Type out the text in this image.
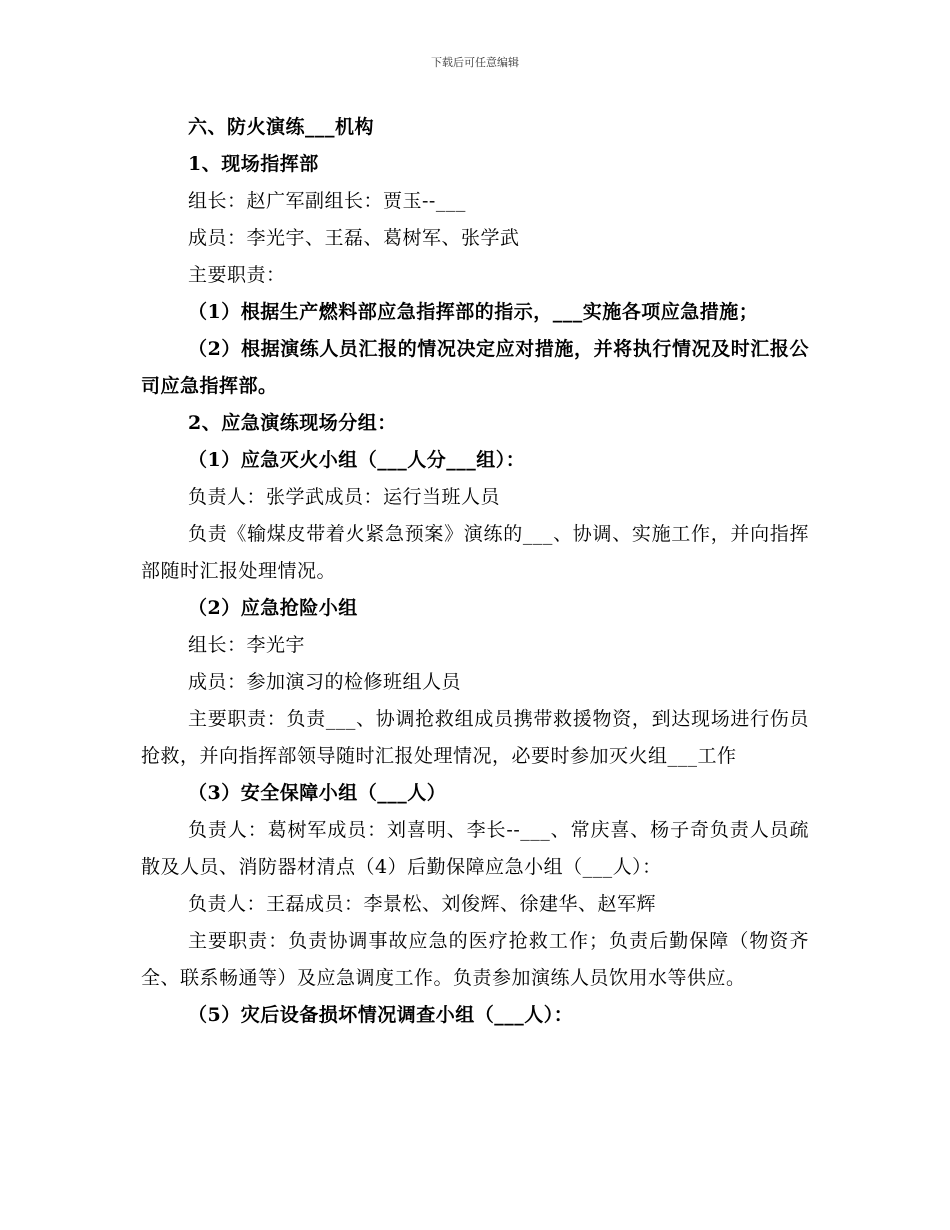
下载后可任意编辑

六、防火演练___机构

1、现场指挥部

组长：赵广军副组长：贾玉--___

成员：李光宇、王磊、葛树军、张学武

主要职责：

（1）根据生产燃料部应急指挥部的指示，___实施各项应急措施；

（2）根据演练人员汇报的情况决定应对措施，并将执行情况及时汇报公司应急指挥部。

2、应急演练现场分组：

（1）应急灭火小组（___人分___组）：

负责人：张学武成员：运行当班人员

负责《输煤皮带着火紧急预案》演练的___、协调、实施工作，并向指挥部随时汇报处理情况。

（2）应急抢险小组

组长：李光宇

成员：参加演习的检修班组人员

主要职责：负责___、协调抢救组成员携带救援物资，到达现场进行伤员抢救，并向指挥部领导随时汇报处理情况，必要时参加灭火组___工作

（3）安全保障小组（___人）

负责人：葛树军成员：刘喜明、李长--___、常庆喜、杨子奇负责人员疏散及人员、消防器材清点（4）后勤保障应急小组（___人）：

负责人：王磊成员：李景松、刘俊辉、徐建华、赵军辉

主要职责：负责协调事故应急的医疗抢救工作；负责后勤保障（物资齐全、联系畅通等）及应急调度工作。负责参加演练人员饮用水等供应。

（5）灾后设备损坏情况调查小组（___人）：
